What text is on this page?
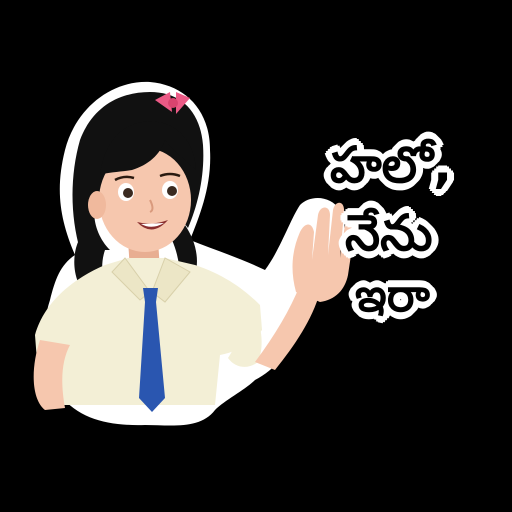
హలో,
నేను
ఇరా
